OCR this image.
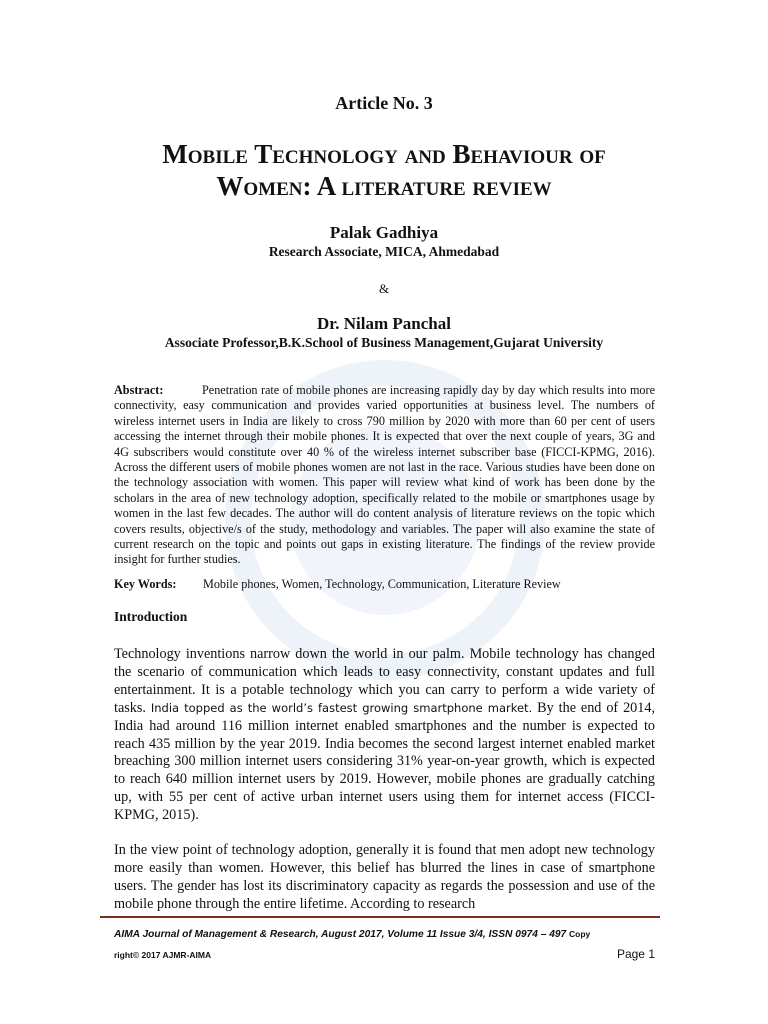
Article No. 3
Mobile Technology and Behaviour of
Women: A literature review
Palak Gadhiya
Research Associate, MICA, Ahmedabad
&
Dr. Nilam Panchal
Associate Professor,B.K.School of Business Management,Gujarat University
Abstract:	Penetration rate of mobile phones are increasing rapidly day by day which results into more connectivity, easy communication and provides varied opportunities at business level. The numbers of wireless internet users in India are likely to cross 790 million by 2020 with more than 60 per cent of users accessing the internet through their mobile phones. It is expected that over the next couple of years, 3G and 4G subscribers would constitute over 40 % of the wireless internet subscriber base (FICCI-KPMG, 2016). Across the different users of mobile phones women are not last in the race. Various studies have been done on the technology association with women. This paper will review what kind of work has been done by the scholars in the area of new technology adoption, specifically related to the mobile or smartphones usage by women in the last few decades. The author will do content analysis of literature reviews on the topic which covers results, objective/s of the study, methodology and variables. The paper will also examine the state of current research on the topic and points out gaps in existing literature. The findings of the review provide insight for further studies.
Key Words: Mobile phones, Women, Technology, Communication, Literature Review
Introduction
Technology inventions narrow down the world in our palm. Mobile technology has changed the scenario of communication which leads to easy connectivity, constant updates and full entertainment. It is a potable technology which you can carry to perform a wide variety of tasks. India topped as the world’s fastest growing smartphone market. By the end of 2014, India had around 116 million internet enabled smartphones and the number is expected to reach 435 million by the year 2019. India becomes the second largest internet enabled market breaching 300 million internet users considering 31% year-on-year growth, which is expected to reach 640 million internet users by 2019. However, mobile phones are gradually catching up, with 55 per cent of active urban internet users using them for internet access (FICCI-KPMG, 2015).
In the view point of technology adoption, generally it is found that men adopt new technology more easily than women. However, this belief has blurred the lines in case of smartphone users. The gender has lost its discriminatory capacity as regards the possession and use of the mobile phone through the entire lifetime. According to research
AIMA Journal of Management & Research, August 2017, Volume 11 Issue 3/4, ISSN 0974 – 497 Copy
right© 2017 AJMR-AIMA	Page 1
